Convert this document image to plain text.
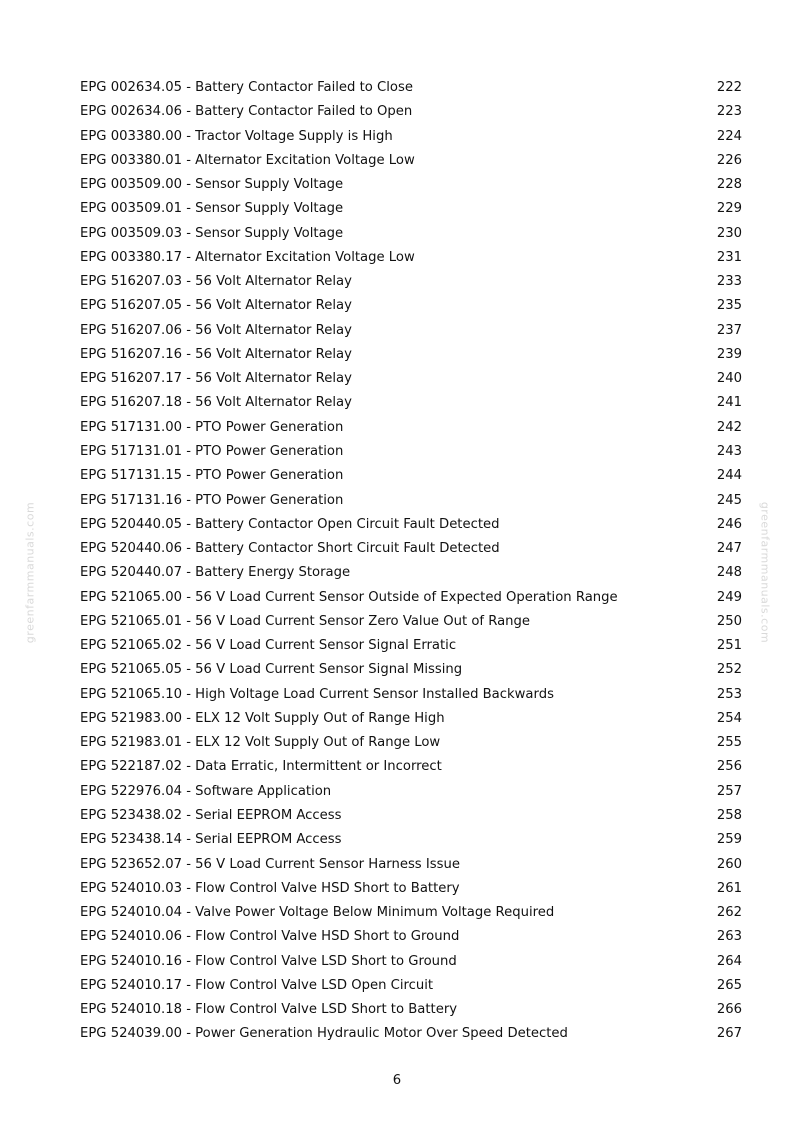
EPG 002634.05 - Battery Contactor Failed to Close	222
EPG 002634.06 - Battery Contactor Failed to Open	223
EPG 003380.00 - Tractor Voltage Supply is High	224
EPG 003380.01 - Alternator Excitation Voltage Low	226
EPG 003509.00 - Sensor Supply Voltage	228
EPG 003509.01 - Sensor Supply Voltage	229
EPG 003509.03 - Sensor Supply Voltage	230
EPG 003380.17 - Alternator Excitation Voltage Low	231
EPG 516207.03 - 56 Volt Alternator Relay	233
EPG 516207.05 - 56 Volt Alternator Relay	235
EPG 516207.06 - 56 Volt Alternator Relay	237
EPG 516207.16 - 56 Volt Alternator Relay	239
EPG 516207.17 - 56 Volt Alternator Relay	240
EPG 516207.18 - 56 Volt Alternator Relay	241
EPG 517131.00 - PTO Power Generation	242
EPG 517131.01 - PTO Power Generation	243
EPG 517131.15 - PTO Power Generation	244
EPG 517131.16 - PTO Power Generation	245
EPG 520440.05 - Battery Contactor Open Circuit Fault Detected	246
EPG 520440.06 - Battery Contactor Short Circuit Fault Detected	247
EPG 520440.07 - Battery Energy Storage	248
EPG 521065.00 - 56 V Load Current Sensor Outside of Expected Operation Range	249
EPG 521065.01 - 56 V Load Current Sensor Zero Value Out of Range	250
EPG 521065.02 - 56 V Load Current Sensor Signal Erratic	251
EPG 521065.05 - 56 V Load Current Sensor Signal Missing	252
EPG 521065.10 - High Voltage Load Current Sensor Installed Backwards	253
EPG 521983.00 - ELX 12 Volt Supply Out of Range High	254
EPG 521983.01 - ELX 12 Volt Supply Out of Range Low	255
EPG 522187.02 - Data Erratic, Intermittent or Incorrect	256
EPG 522976.04 - Software Application	257
EPG 523438.02 - Serial EEPROM Access	258
EPG 523438.14 - Serial EEPROM Access	259
EPG 523652.07 - 56 V Load Current Sensor Harness Issue	260
EPG 524010.03 - Flow Control Valve HSD Short to Battery	261
EPG 524010.04 - Valve Power Voltage Below Minimum Voltage Required	262
EPG 524010.06 - Flow Control Valve HSD Short to Ground	263
EPG 524010.16 - Flow Control Valve LSD Short to Ground	264
EPG 524010.17 - Flow Control Valve LSD Open Circuit	265
EPG 524010.18 - Flow Control Valve LSD Short to Battery	266
EPG 524039.00 - Power Generation Hydraulic Motor Over Speed Detected	267
6
greenfarmmanuals.com	greenfarmmanuals.com
